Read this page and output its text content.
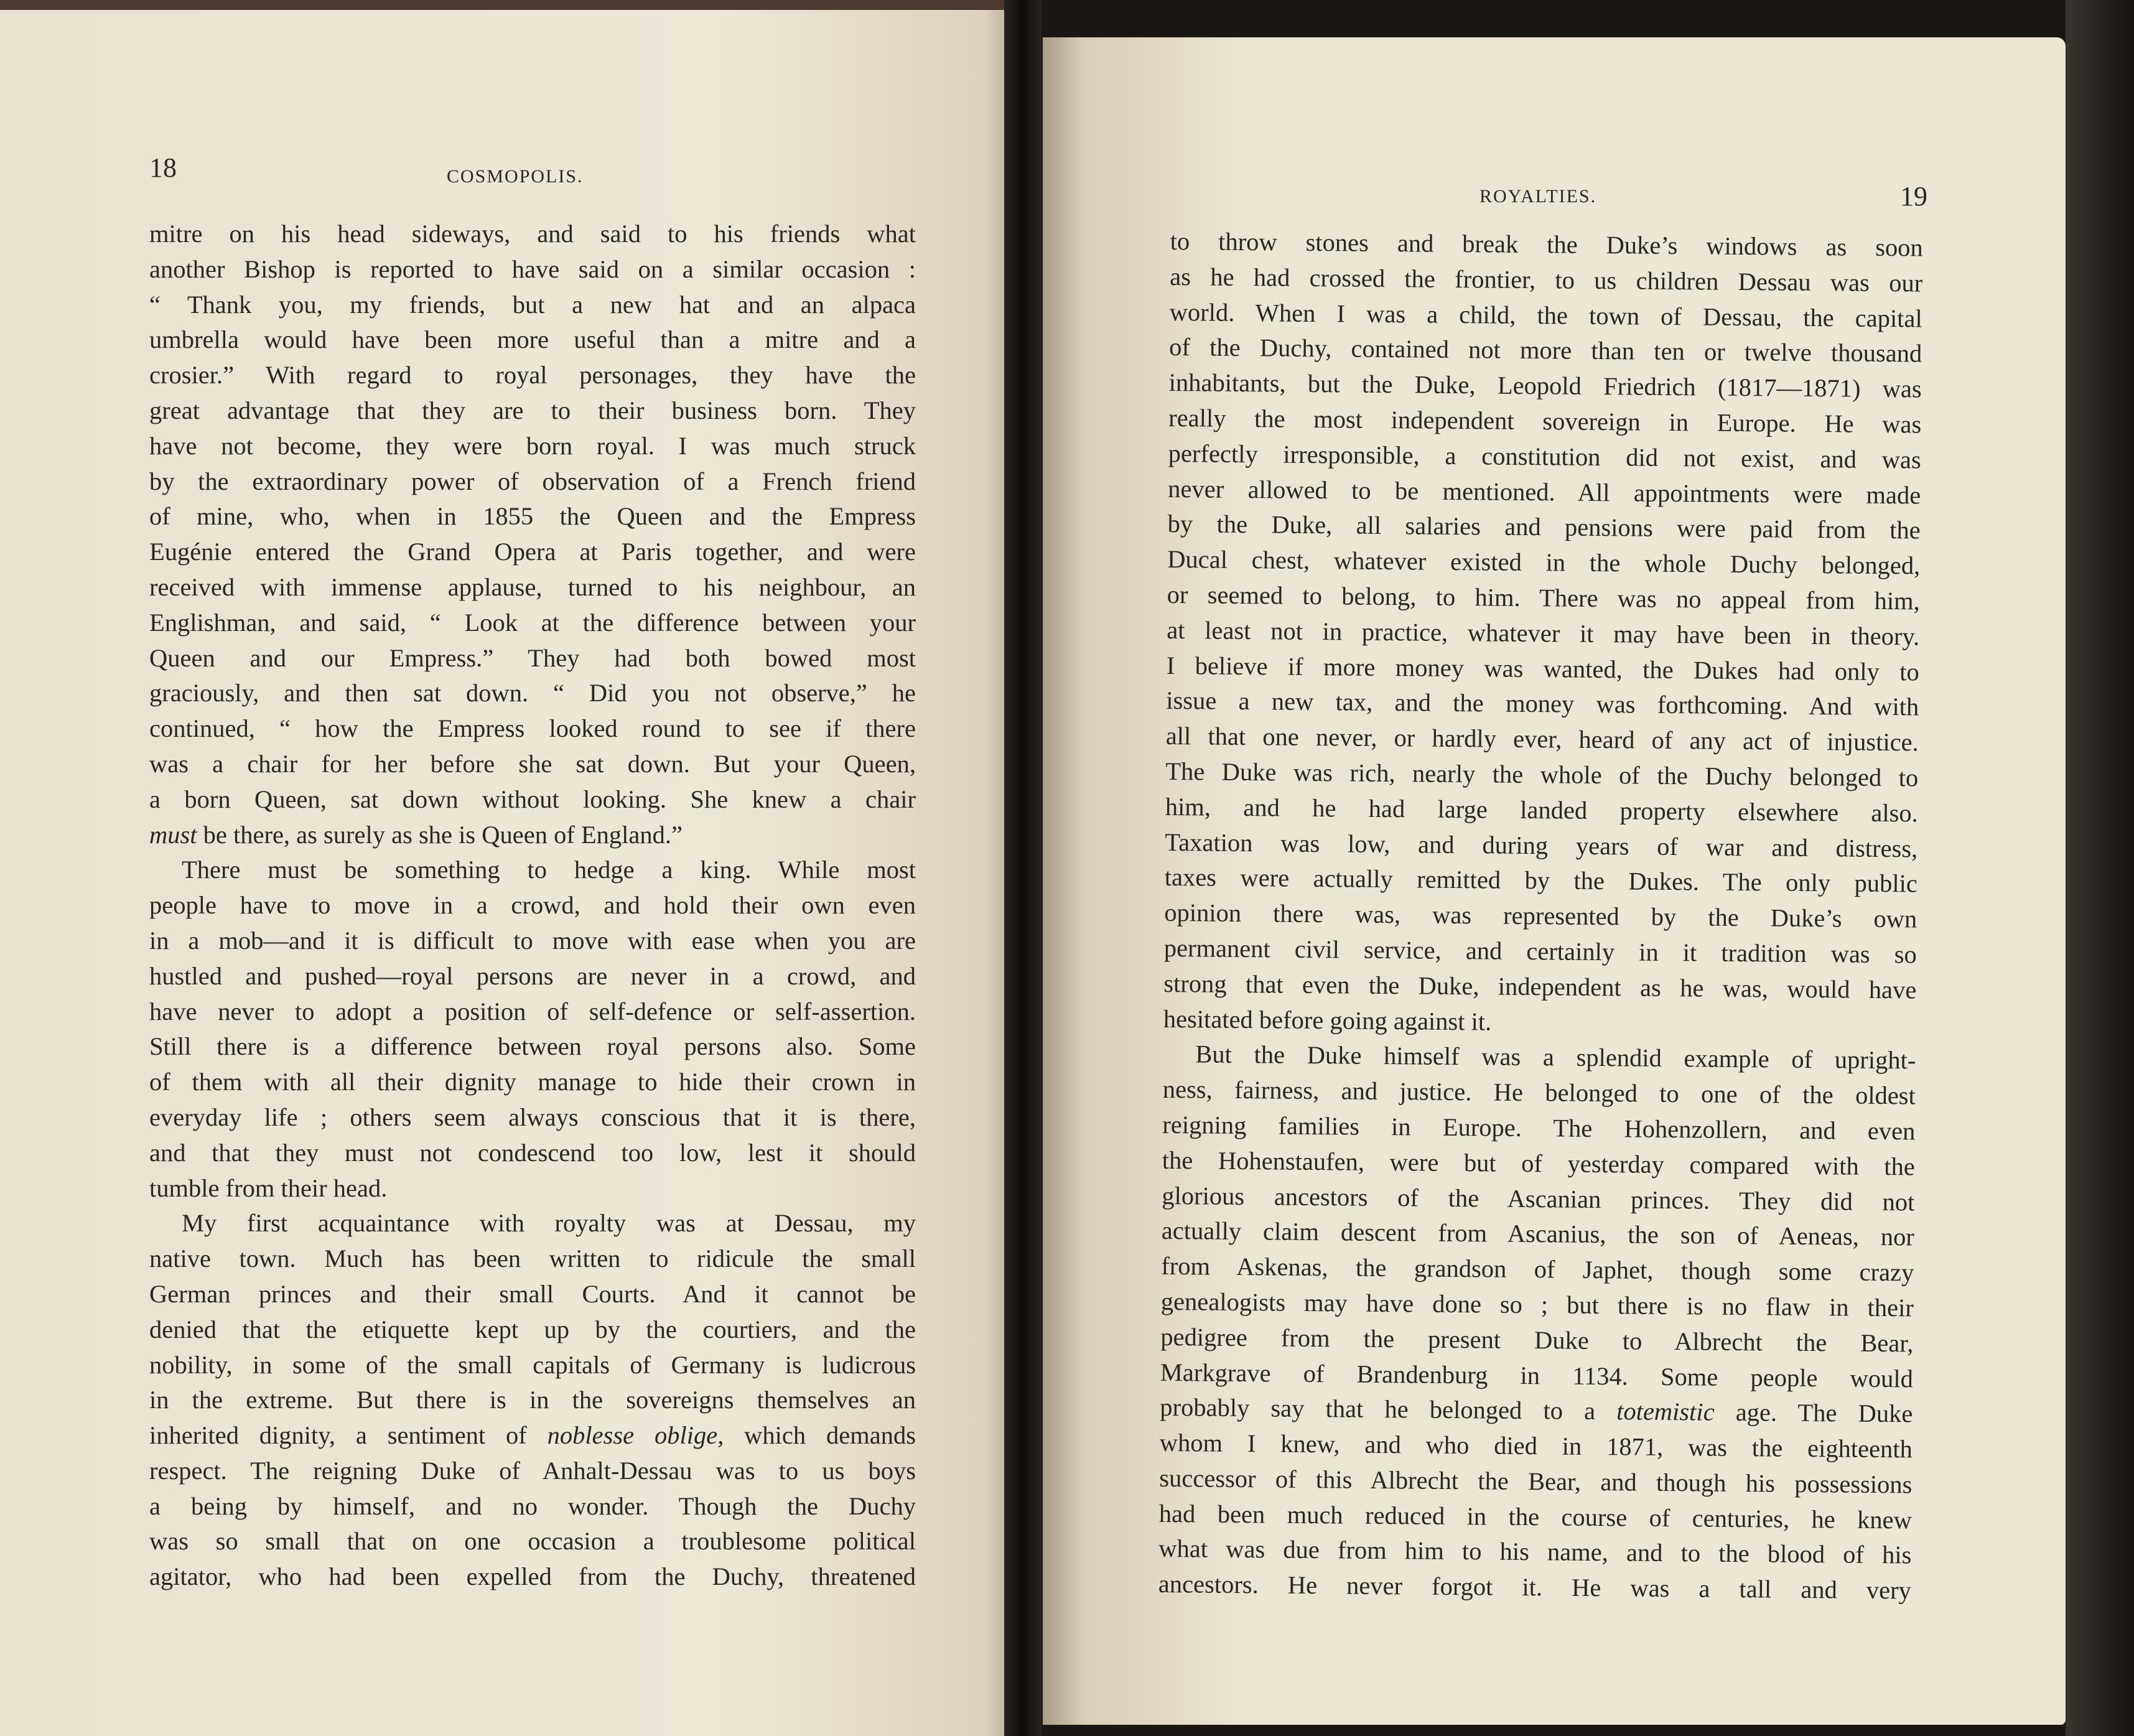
18	COSMOPOLIS.
mitre on his head sideways, and said to his friends what
another Bishop is reported to have said on a similar occasion :
“ Thank you, my friends, but a new hat and an alpaca
umbrella would have been more useful than a mitre and a
crosier.” With regard to royal personages, they have the
great advantage that they are to their business born. They
have not become, they were born royal. I was much struck
by the extraordinary power of observation of a French friend
of mine, who, when in 1855 the Queen and the Empress
Eugénie entered the Grand Opera at Paris together, and were
received with immense applause, turned to his neighbour, an
Englishman, and said, “ Look at the difference between your
Queen and our Empress.” They had both bowed most
graciously, and then sat down. “ Did you not observe,” he
continued, “ how the Empress looked round to see if there
was a chair for her before she sat down. But your Queen,
a born Queen, sat down without looking. She knew a chair
must be there, as surely as she is Queen of England.”
There must be something to hedge a king. While most
people have to move in a crowd, and hold their own even
in a mob—and it is difficult to move with ease when you are
hustled and pushed—royal persons are never in a crowd, and
have never to adopt a position of self-defence or self-assertion.
Still there is a difference between royal persons also. Some
of them with all their dignity manage to hide their crown in
everyday life ; others seem always conscious that it is there,
and that they must not condescend too low, lest it should
tumble from their head.
My first acquaintance with royalty was at Dessau, my
native town. Much has been written to ridicule the small
German princes and their small Courts. And it cannot be
denied that the etiquette kept up by the courtiers, and the
nobility, in some of the small capitals of Germany is ludicrous
in the extreme. But there is in the sovereigns themselves an
inherited dignity, a sentiment of noblesse oblige, which demands
respect. The reigning Duke of Anhalt-Dessau was to us boys
a being by himself, and no wonder. Though the Duchy
was so small that on one occasion a troublesome political
agitator, who had been expelled from the Duchy, threatened
ROYALTIES.	19
to throw stones and break the Duke’s windows as soon
as he had crossed the frontier, to us children Dessau was our
world. When I was a child, the town of Dessau, the capital
of the Duchy, contained not more than ten or twelve thousand
inhabitants, but the Duke, Leopold Friedrich (1817—1871) was
really the most independent sovereign in Europe. He was
perfectly irresponsible, a constitution did not exist, and was
never allowed to be mentioned. All appointments were made
by the Duke, all salaries and pensions were paid from the
Ducal chest, whatever existed in the whole Duchy belonged,
or seemed to belong, to him. There was no appeal from him,
at least not in practice, whatever it may have been in theory.
I believe if more money was wanted, the Dukes had only to
issue a new tax, and the money was forthcoming. And with
all that one never, or hardly ever, heard of any act of injustice.
The Duke was rich, nearly the whole of the Duchy belonged to
him, and he had large landed property elsewhere also.
Taxation was low, and during years of war and distress,
taxes were actually remitted by the Dukes. The only public
opinion there was, was represented by the Duke’s own
permanent civil service, and certainly in it tradition was so
strong that even the Duke, independent as he was, would have
hesitated before going against it.
But the Duke himself was a splendid example of upright-
ness, fairness, and justice. He belonged to one of the oldest
reigning families in Europe. The Hohenzollern, and even
the Hohenstaufen, were but of yesterday compared with the
glorious ancestors of the Ascanian princes. They did not
actually claim descent from Ascanius, the son of Aeneas, nor
from Askenas, the grandson of Japhet, though some crazy
genealogists may have done so ; but there is no flaw in their
pedigree from the present Duke to Albrecht the Bear,
Markgrave of Brandenburg in 1134. Some people would
probably say that he belonged to a totemistic age. The Duke
whom I knew, and who died in 1871, was the eighteenth
successor of this Albrecht the Bear, and though his possessions
had been much reduced in the course of centuries, he knew
what was due from him to his name, and to the blood of his
ancestors. He never forgot it. He was a tall and very
